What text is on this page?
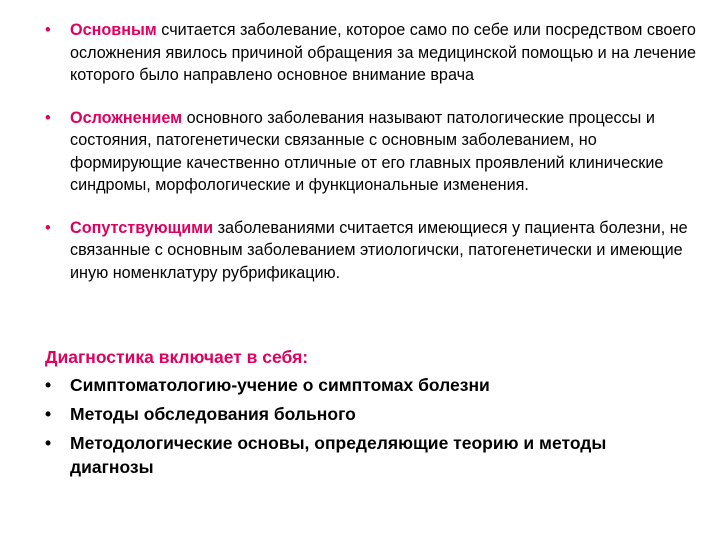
• Основным считается заболевание, которое само по себе или посредством своего осложнения явилось причиной обращения за медицинской помощью и на лечение которого было направлено основное внимание врача
• Осложнением основного заболевания называют патологические процессы и состояния, патогенетически связанные с основным заболеванием, но формирующие качественно отличные от его главных проявлений клинические синдромы, морфологические и функциональные изменения.
• Сопутствующими заболеваниями считается имеющиеся у пациента болезни, не связанные с основным заболеванием этиологичски, патогенетически и имеющие иную номенклатуру рубрификацию.
Диагностика включает в себя:
• Симптоматологию-учение о симптомах болезни
• Методы обследования больного
• Методологические основы, определяющие теорию и методы диагнозы
